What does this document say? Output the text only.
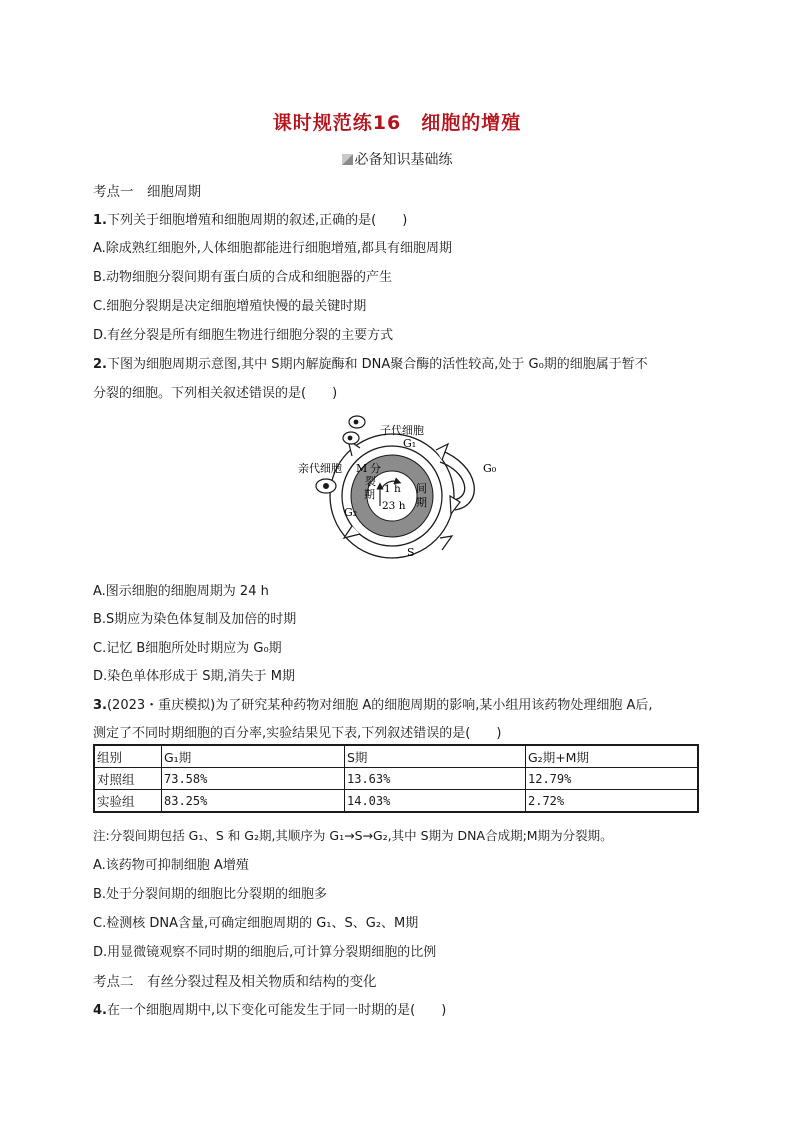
课时规范练16　细胞的增殖
必备知识基础练
考点一　细胞周期
1.下列关于细胞增殖和细胞周期的叙述,正确的是(　　)
A.除成熟红细胞外,人体细胞都能进行细胞增殖,都具有细胞周期
B.动物细胞分裂间期有蛋白质的合成和细胞器的产生
C.细胞分裂期是决定细胞增殖快慢的最关键时期
D.有丝分裂是所有细胞生物进行细胞分裂的主要方式
2.下图为细胞周期示意图,其中 S期内解旋酶和 DNA聚合酶的活性较高,处于 G₀期的细胞属于暂不
分裂的细胞。下列相关叙述错误的是(　　)
子代细胞
亲代细胞
G₁
G₀
M
G₂
S
分
裂
期	间
期
1 h
23 h
A.图示细胞的细胞周期为 24 h
B.S期应为染色体复制及加倍的时期
C.记忆 B细胞所处时期应为 G₀期
D.染色单体形成于 S期,消失于 M期
3.(2023・重庆模拟)为了研究某种药物对细胞 A的细胞周期的影响,某小组用该药物处理细胞 A后,
测定了不同时期细胞的百分率,实验结果见下表,下列叙述错误的是(　　)
组别	G₁期	S期	G₂期+M期
对照组	73.58%	13.63%	12.79%
实验组	83.25%	14.03%	2.72%
注:分裂间期包括 G₁、S 和 G₂期,其顺序为 G₁→S→G₂,其中 S期为 DNA合成期;M期为分裂期。
A.该药物可抑制细胞 A增殖
B.处于分裂间期的细胞比分裂期的细胞多
C.检测核 DNA含量,可确定细胞周期的 G₁、S、G₂、M期
D.用显微镜观察不同时期的细胞后,可计算分裂期细胞的比例
考点二　有丝分裂过程及相关物质和结构的变化
4.在一个细胞周期中,以下变化可能发生于同一时期的是(　　)
